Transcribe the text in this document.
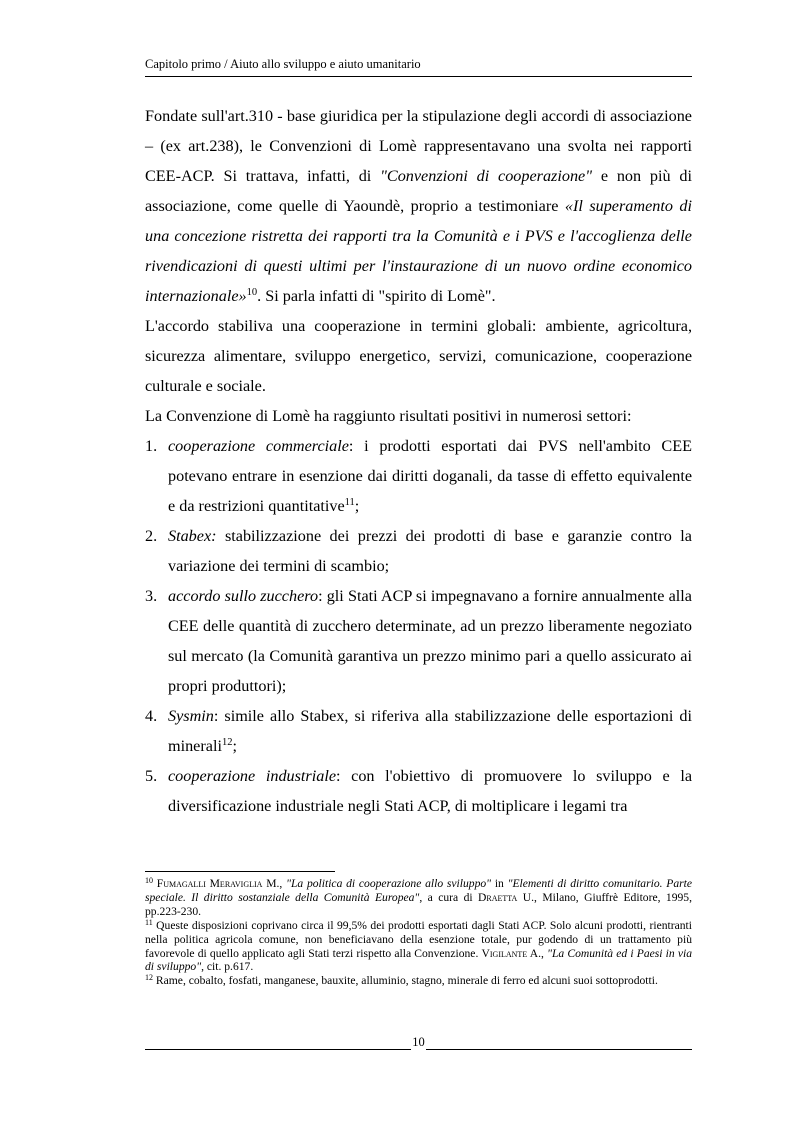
Capitolo primo / Aiuto allo sviluppo e aiuto umanitario

Fondate sull'art.310 - base giuridica per la stipulazione degli accordi di associazione – (ex art.238), le Convenzioni di Lomè rappresentavano una svolta nei rapporti CEE-ACP. Si trattava, infatti, di "Convenzioni di cooperazione" e non più di associazione, come quelle di Yaoundè, proprio a testimoniare «Il superamento di una concezione ristretta dei rapporti tra la Comunità e i PVS e l'accoglienza delle rivendicazioni di questi ultimi per l'instaurazione di un nuovo ordine economico internazionale»$^{10}$. Si parla infatti di "spirito di Lomè".

L'accordo stabiliva una cooperazione in termini globali: ambiente, agricoltura, sicurezza alimentare, sviluppo energetico, servizi, comunicazione, cooperazione culturale e sociale.

La Convenzione di Lomè ha raggiunto risultati positivi in numerosi settori:

1. cooperazione commerciale: i prodotti esportati dai PVS nell'ambito CEE potevano entrare in esenzione dai diritti doganali, da tasse di effetto equivalente e da restrizioni quantitative$^{11}$;
2. Stabex: stabilizzazione dei prezzi dei prodotti di base e garanzie contro la variazione dei termini di scambio;
3. accordo sullo zucchero: gli Stati ACP si impegnavano a fornire annualmente alla CEE delle quantità di zucchero determinate, ad un prezzo liberamente negoziato sul mercato (la Comunità garantiva un prezzo minimo pari a quello assicurato ai propri produttori);
4. Sysmin: simile allo Stabex, si riferiva alla stabilizzazione delle esportazioni di minerali$^{12}$;
5. cooperazione industriale: con l'obiettivo di promuovere lo sviluppo e la diversificazione industriale negli Stati ACP, di moltiplicare i legami tra

$^{10}$ Fumagalli Meraviglia M., "La politica di cooperazione allo sviluppo" in "Elementi di diritto comunitario. Parte speciale. Il diritto sostanziale della Comunità Europea", a cura di Draetta U., Milano, Giuffrè Editore, 1995, pp.223-230.

$^{11}$ Queste disposizioni coprivano circa il 99,5% dei prodotti esportati dagli Stati ACP. Solo alcuni prodotti, rientranti nella politica agricola comune, non beneficiavano della esenzione totale, pur godendo di un trattamento più favorevole di quello applicato agli Stati terzi rispetto alla Convenzione. Vigilante A., "La Comunità ed i Paesi in via di sviluppo", cit. p.617.

$^{12}$ Rame, cobalto, fosfati, manganese, bauxite, alluminio, stagno, minerale di ferro ed alcuni suoi sottoprodotti.

10
